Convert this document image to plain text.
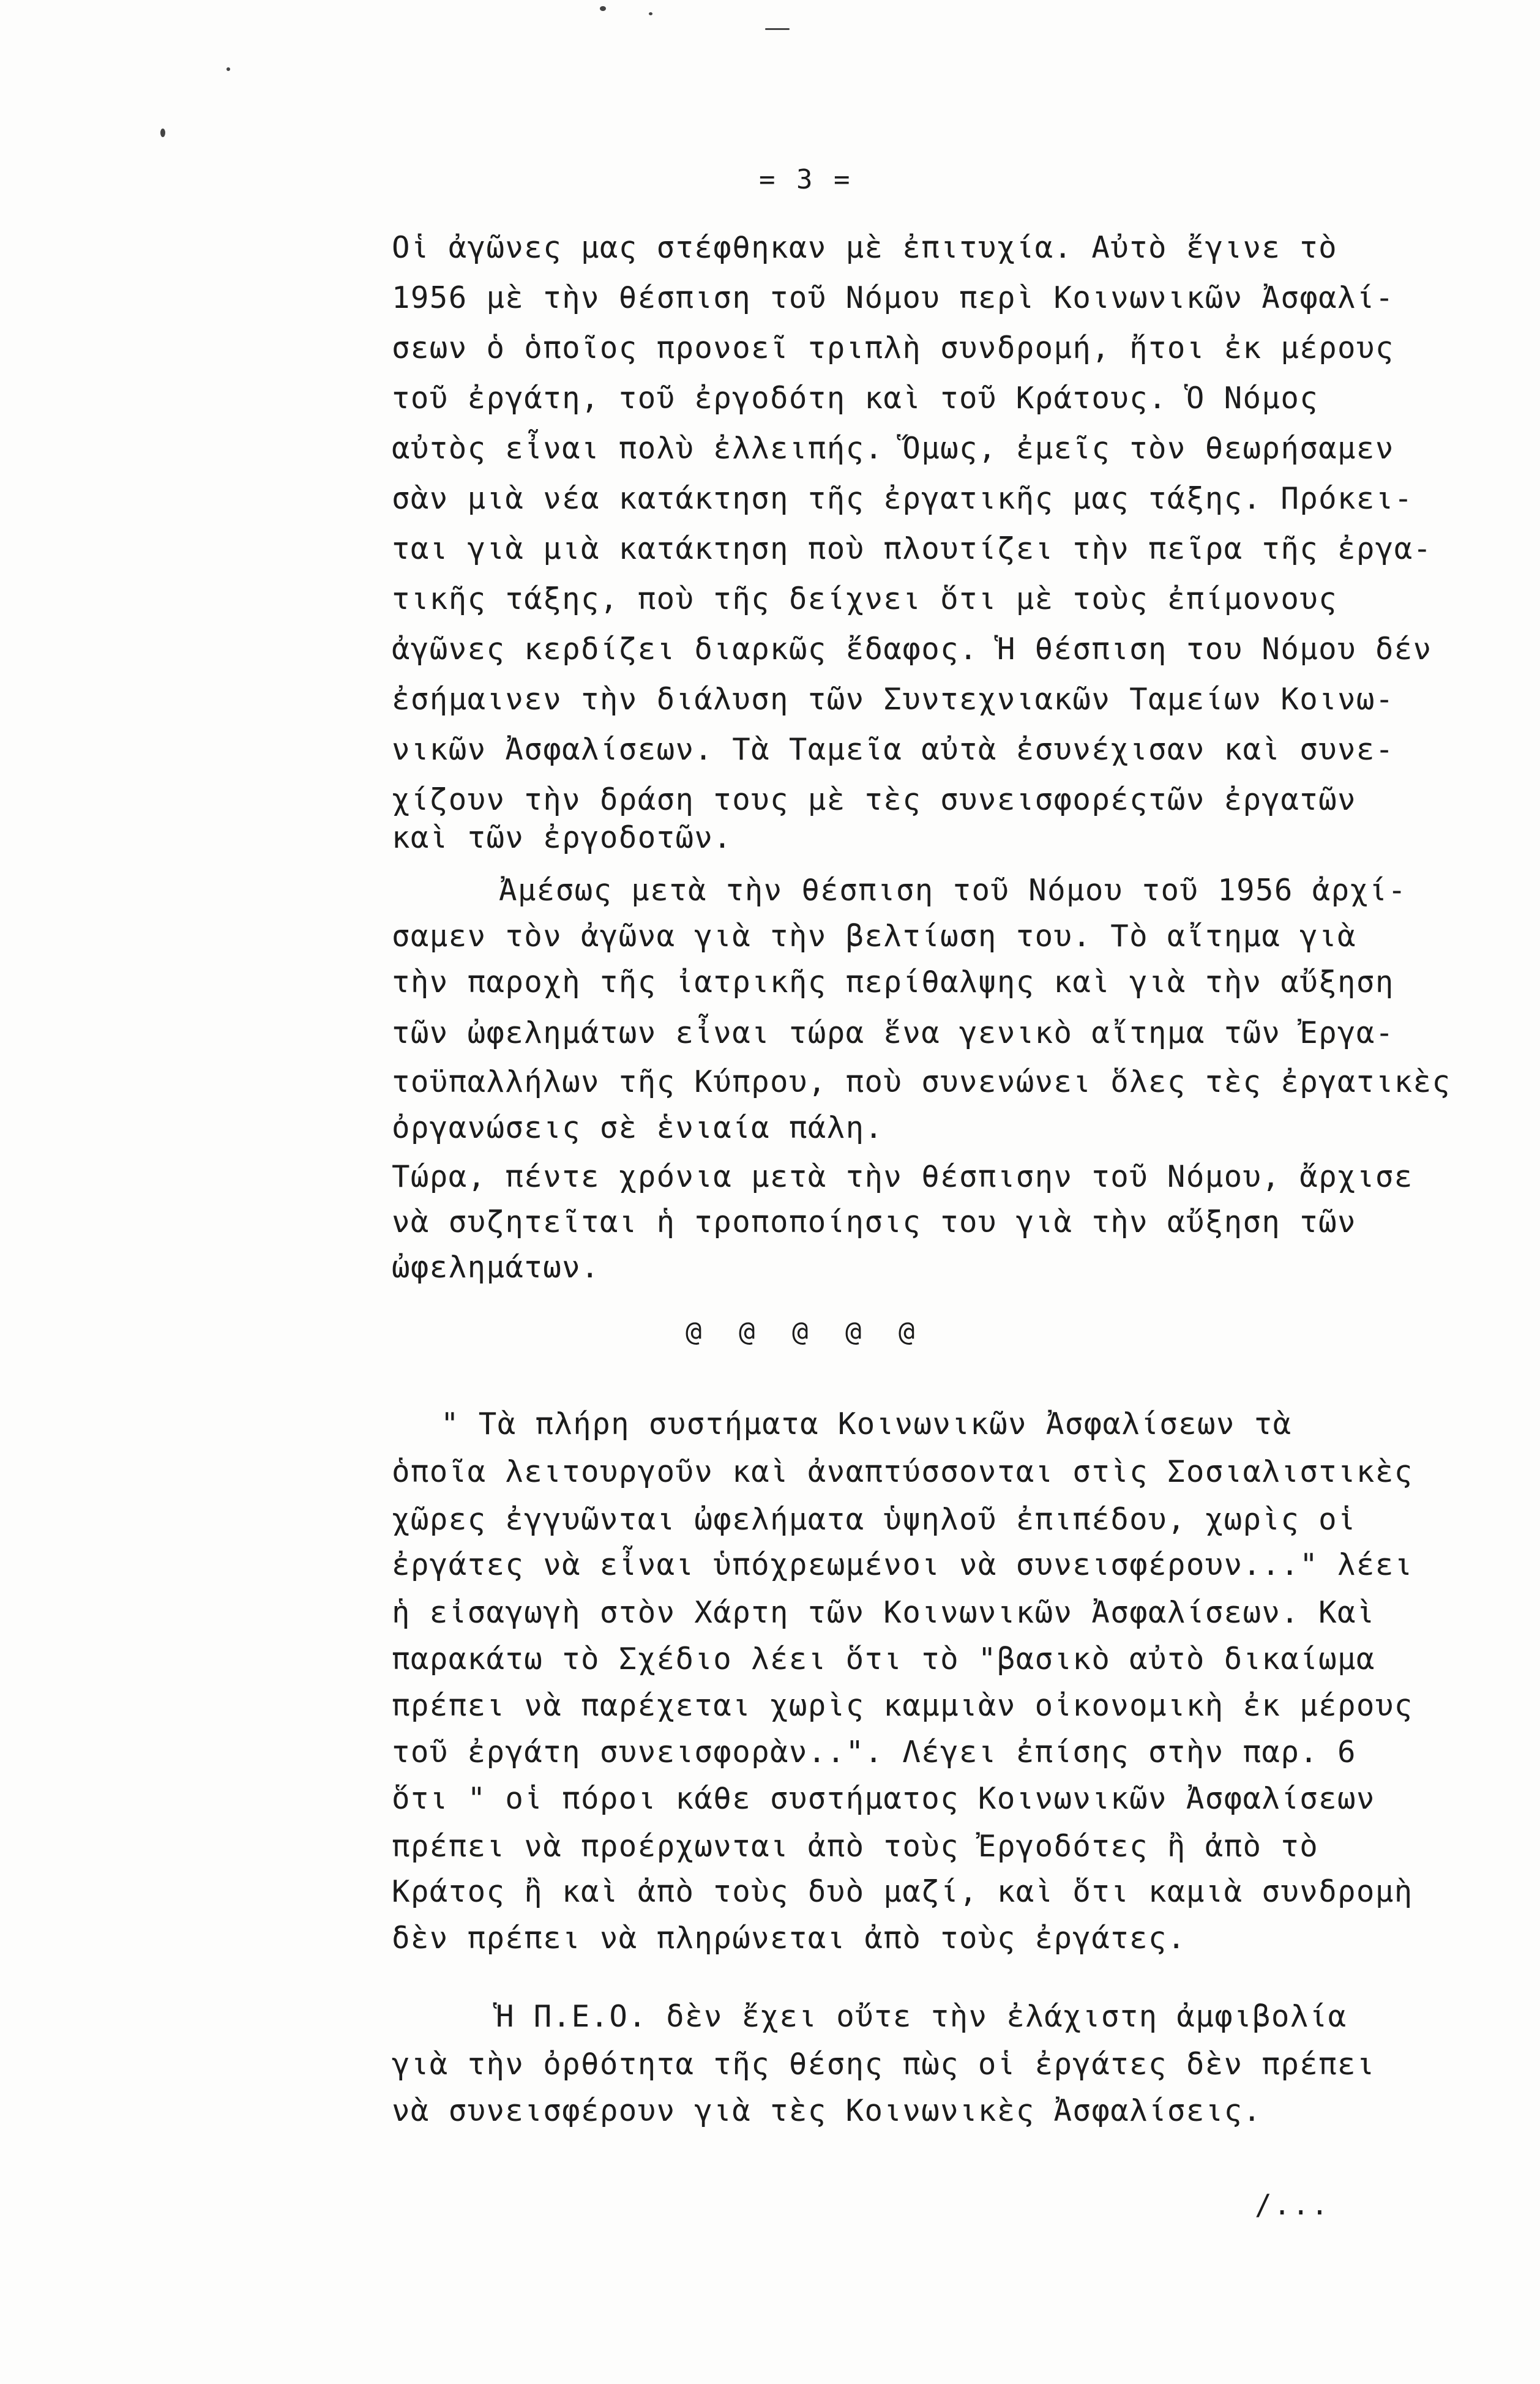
= 3 =
Οἱ ἀγῶνες μας στέφθηκαν μὲ ἐπιτυχία. Αὐτὸ ἔγινε τὸ
1956 μὲ τὴν θέσπιση τοῦ Νόμου περὶ Κοινωνικῶν Ἀσφαλί-
σεων ὁ ὁποῖος προνοεῖ τριπλὴ συνδρομή, ἤτοι ἐκ μέρους
τοῦ ἐργάτη, τοῦ ἐργοδότη καὶ τοῦ Κράτους. Ὁ Νόμος
αὐτὸς εἶναι πολὺ ἐλλειπής. Ὅμως, ἐμεῖς τὸν θεωρήσαμεν
σὰν μιὰ νέα κατάκτηση τῆς ἐργατικῆς μας τάξης. Πρόκει-
ται γιὰ μιὰ κατάκτηση ποὺ πλουτίζει τὴν πεῖρα τῆς ἐργα-
τικῆς τάξης, ποὺ τῆς δείχνει ὅτι μὲ τοὺς ἐπίμονους
ἀγῶνες κερδίζει διαρκῶς ἔδαφος. Ἡ θέσπιση του Νόμου δέν
ἐσήμαινεν τὴν διάλυση τῶν Συντεχνιακῶν Ταμείων Κοινω-
νικῶν Ἀσφαλίσεων. Τὰ Ταμεῖα αὐτὰ ἐσυνέχισαν καὶ συνε-
χίζουν τὴν δράση τους μὲ τὲς συνεισφορέςτῶν ἐργατῶν
καὶ τῶν ἐργοδοτῶν.
Ἀμέσως μετὰ τὴν θέσπιση τοῦ Νόμου τοῦ 1956 ἀρχί-
σαμεν τὸν ἀγῶνα γιὰ τὴν βελτίωση του. Τὸ αἴτημα γιὰ
τὴν παροχὴ τῆς ἰατρικῆς περίθαλψης καὶ γιὰ τὴν αὔξηση
τῶν ὠφελημάτων εἶναι τώρα ἕνα γενικὸ αἴτημα τῶν Ἐργα-
τοϋπαλλήλων τῆς Κύπρου, ποὺ συνενώνει ὅλες τὲς ἐργατικὲς
ὀργανώσεις σὲ ἑνιαία πάλη.
Τώρα, πέντε χρόνια μετὰ τὴν θέσπισην τοῦ Νόμου, ἄρχισε
νὰ συζητεῖται ἡ τροποποίησις του γιὰ τὴν αὔξηση τῶν
ὠφελημάτων.
@ @ @ @ @
" Τὰ πλήρη συστήματα Κοινωνικῶν Ἀσφαλίσεων τὰ
ὁποῖα λειτουργοῦν καὶ ἀναπτύσσονται στὶς Σοσιαλιστικὲς
χῶρες ἐγγυῶνται ὠφελήματα ὑψηλοῦ ἐπιπέδου, χωρὶς οἱ
ἐργάτες νὰ εἶναι ὑπόχρεωμένοι νὰ συνεισφέρουν..." λέει
ἡ εἰσαγωγὴ στὸν Χάρτη τῶν Κοινωνικῶν Ἀσφαλίσεων. Καὶ
παρακάτω τὸ Σχέδιο λέει ὅτι τὸ "βασικὸ αὐτὸ δικαίωμα
πρέπει νὰ παρέχεται χωρὶς καμμιὰν οἰκονομικὴ ἐκ μέρους
τοῦ ἐργάτη συνεισφορὰν..". Λέγει ἐπίσης στὴν παρ. 6
ὅτι " οἱ πόροι κάθε συστήματος Κοινωνικῶν Ἀσφαλίσεων
πρέπει νὰ προέρχωνται ἀπὸ τοὺς Ἐργοδότες ἢ ἀπὸ τὸ
Κράτος ἢ καὶ ἀπὸ τοὺς δυὸ μαζί, καὶ ὅτι καμιὰ συνδρομὴ
δὲν πρέπει νὰ πληρώνεται ἀπὸ τοὺς ἐργάτες.
Ἡ Π.Ε.Ο. δὲν ἔχει οὔτε τὴν ἐλάχιστη ἀμφιβολία
γιὰ τὴν ὀρθότητα τῆς θέσης πὼς οἱ ἐργάτες δὲν πρέπει
νὰ συνεισφέρουν γιὰ τὲς Κοινωνικὲς Ἀσφαλίσεις.
/...
